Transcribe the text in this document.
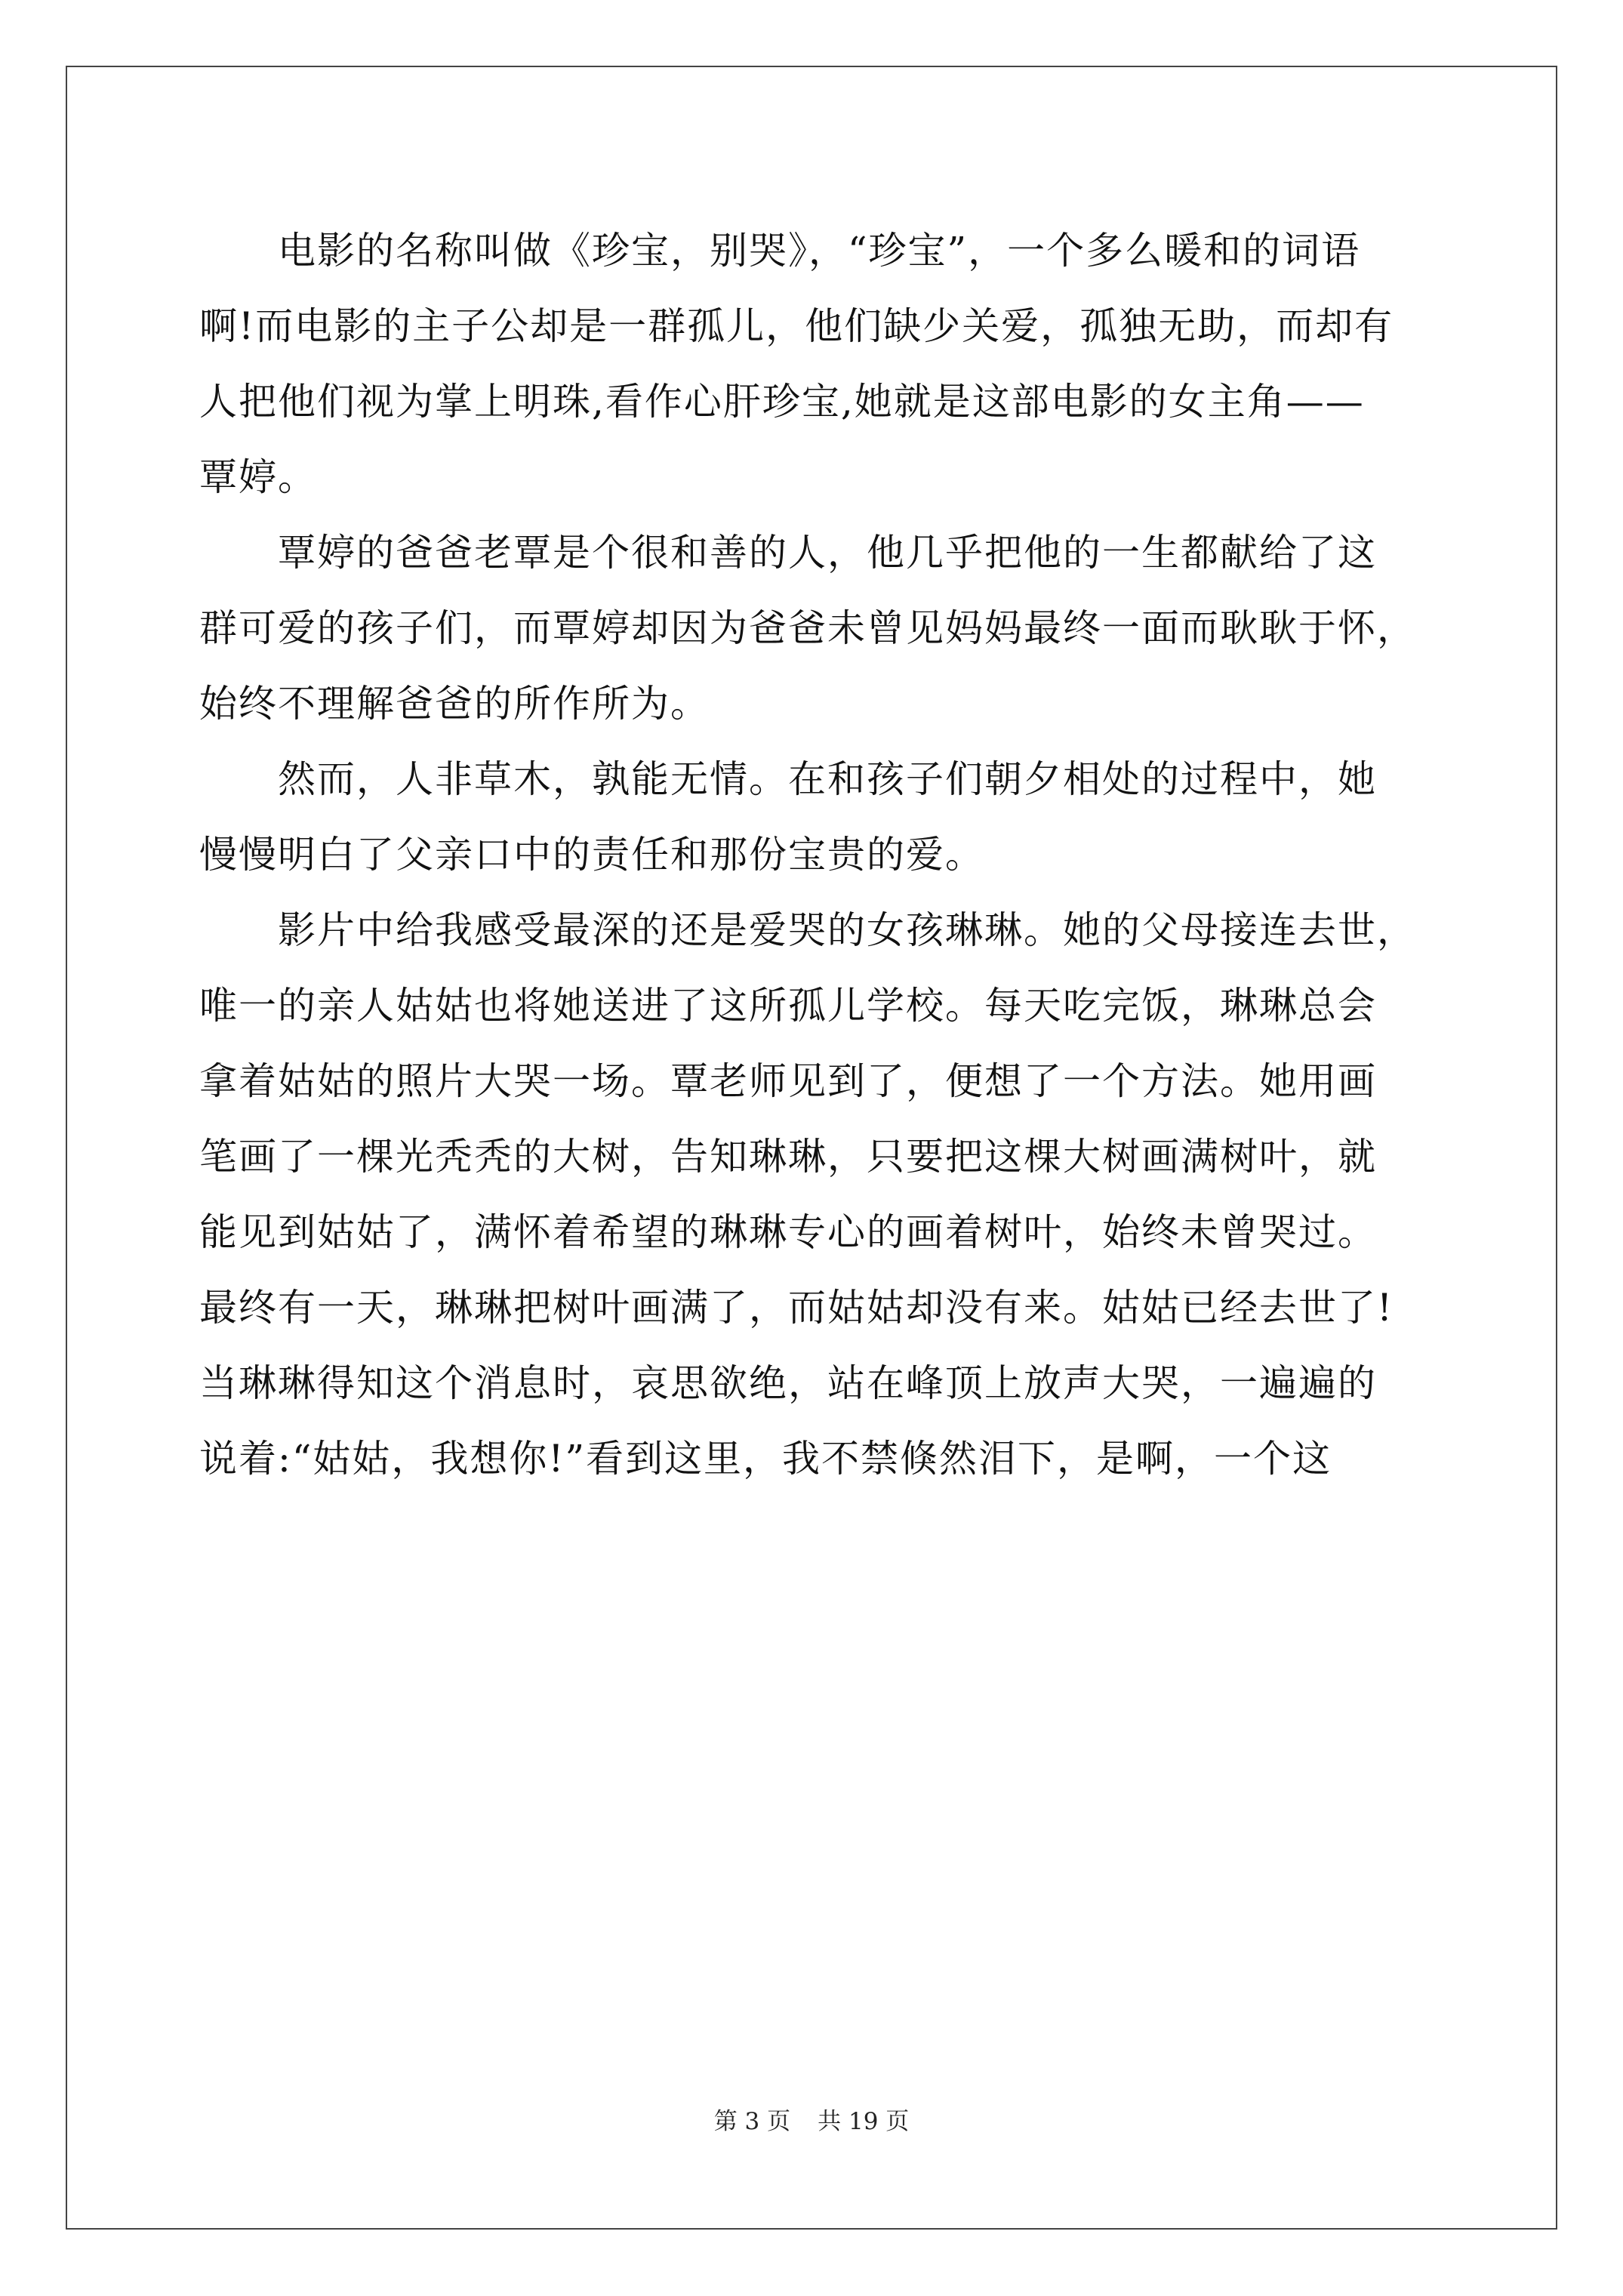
　　电影的名称叫做《珍宝，别哭》，“珍宝”，一个多么暖和的词语
啊!而电影的主子公却是一群孤儿，他们缺少关爱，孤独无助，而却有
人把他们视为掌上明珠,看作心肝珍宝,她就是这部电影的女主角——
覃婷。
　　覃婷的爸爸老覃是个很和善的人，他几乎把他的一生都献给了这
群可爱的孩子们，而覃婷却因为爸爸未曾见妈妈最终一面而耿耿于怀，
始终不理解爸爸的所作所为。
　　然而，人非草木，孰能无情。在和孩子们朝夕相处的过程中，她
慢慢明白了父亲口中的责任和那份宝贵的爱。
　　影片中给我感受最深的还是爱哭的女孩琳琳。她的父母接连去世，
唯一的亲人姑姑也将她送进了这所孤儿学校。每天吃完饭，琳琳总会
拿着姑姑的照片大哭一场。覃老师见到了，便想了一个方法。她用画
笔画了一棵光秃秃的大树，告知琳琳，只要把这棵大树画满树叶，就
能见到姑姑了，满怀着希望的琳琳专心的画着树叶，始终未曾哭过。
最终有一天，琳琳把树叶画满了，而姑姑却没有来。姑姑已经去世了!
当琳琳得知这个消息时，哀思欲绝，站在峰顶上放声大哭，一遍遍的
说着:“姑姑，我想你!”看到这里，我不禁倏然泪下，是啊，一个这
第 3 页 共 19 页
